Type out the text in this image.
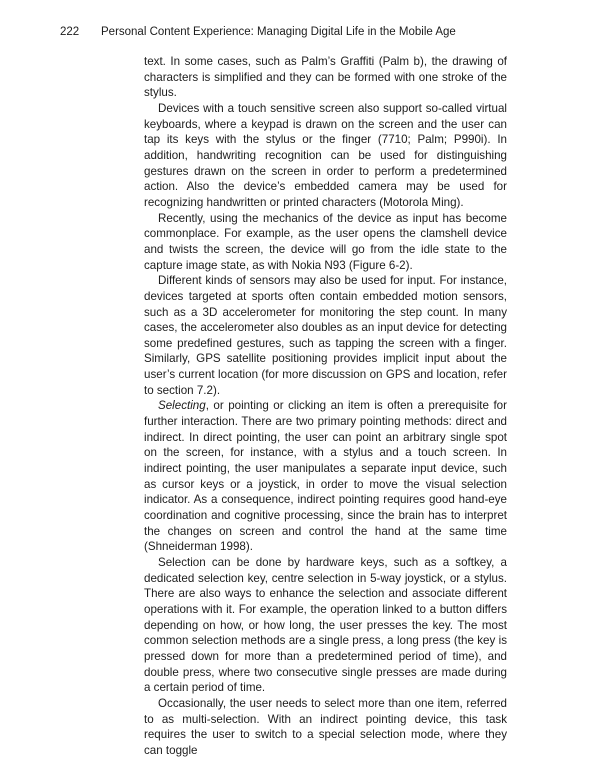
222 Personal Content Experience: Managing Digital Life in the Mobile Age

text. In some cases, such as Palm’s Graffiti (Palm b), the drawing of characters is simplified and they can be formed with one stroke of the stylus.

Devices with a touch sensitive screen also support so-called virtual keyboards, where a keypad is drawn on the screen and the user can tap its keys with the stylus or the finger (7710; Palm; P990i). In addition, handwriting recognition can be used for distinguishing gestures drawn on the screen in order to perform a predetermined action. Also the device’s embedded camera may be used for recognizing handwritten or printed characters (Motorola Ming).

Recently, using the mechanics of the device as input has become commonplace. For example, as the user opens the clamshell device and twists the screen, the device will go from the idle state to the capture image state, as with Nokia N93 (Figure 6-2).

Different kinds of sensors may also be used for input. For instance, devices targeted at sports often contain embedded motion sensors, such as a 3D accelerometer for monitoring the step count. In many cases, the accelerometer also doubles as an input device for detecting some predefined gestures, such as tapping the screen with a finger. Similarly, GPS satellite positioning provides implicit input about the user’s current location (for more discussion on GPS and location, refer to section 7.2).

Selecting, or pointing or clicking an item is often a prerequisite for further interaction. There are two primary pointing methods: direct and indirect. In direct pointing, the user can point an arbitrary single spot on the screen, for instance, with a stylus and a touch screen. In indirect pointing, the user manipulates a separate input device, such as cursor keys or a joystick, in order to move the visual selection indicator. As a consequence, indirect pointing requires good hand-eye coordination and cognitive processing, since the brain has to interpret the changes on screen and control the hand at the same time (Shneiderman 1998).

Selection can be done by hardware keys, such as a softkey, a dedicated selection key, centre selection in 5-way joystick, or a stylus. There are also ways to enhance the selection and associate different operations with it. For example, the operation linked to a button differs depending on how, or how long, the user presses the key. The most common selection methods are a single press, a long press (the key is pressed down for more than a predetermined period of time), and double press, where two consecutive single presses are made during a certain period of time.

Occasionally, the user needs to select more than one item, referred to as multi-selection. With an indirect pointing device, this task requires the user to switch to a special selection mode, where they can toggle
